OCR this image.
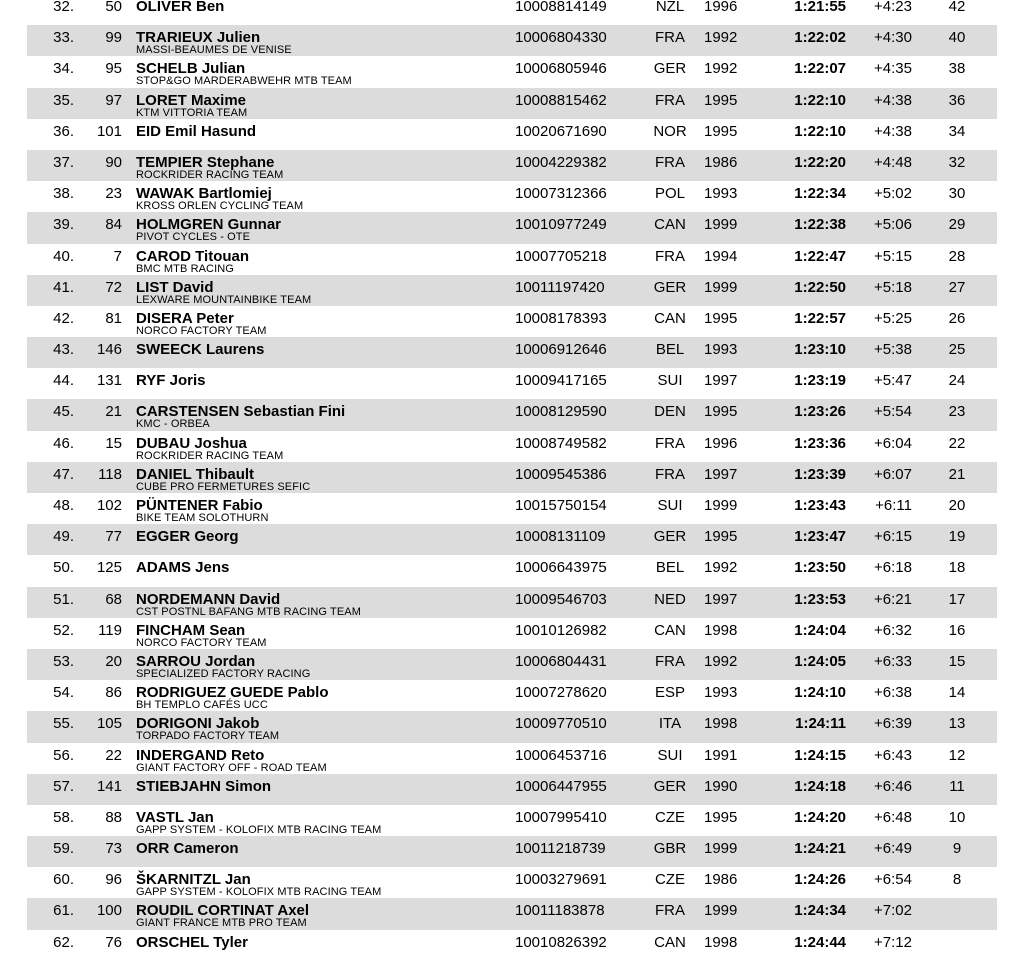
32.	50 OLIVER Ben	10008814149	NZL	1996	1:21:55	+4:23	42
33.	99 TRARIEUX Julien	10006804330	FRA	1992	1:22:02	+4:30	40
MASSI-BEAUMES DE VENISE
34.	95 SCHELB Julian	10006805946	GER	1992	1:22:07	+4:35	38
STOP&GO MARDERABWEHR MTB TEAM
35.	97 LORET Maxime	10008815462	FRA	1995	1:22:10	+4:38	36
KTM VITTORIA TEAM
36.	101 EID Emil Hasund	10020671690	NOR	1995	1:22:10	+4:38	34
37.	90 TEMPIER Stephane	10004229382	FRA	1986	1:22:20	+4:48	32
ROCKRIDER RACING TEAM
38.	23 WAWAK Bartlomiej	10007312366	POL	1993	1:22:34	+5:02	30
KROSS ORLEN CYCLING TEAM
39.	84 HOLMGREN Gunnar	10010977249	CAN	1999	1:22:38	+5:06	29
PIVOT CYCLES - OTE
40.	7 CAROD Titouan	10007705218	FRA	1994	1:22:47	+5:15	28
BMC MTB RACING
41.	72 LIST David	10011197420	GER	1999	1:22:50	+5:18	27
LEXWARE MOUNTAINBIKE TEAM
42.	81 DISERA Peter	10008178393	CAN	1995	1:22:57	+5:25	26
NORCO FACTORY TEAM
43.	146 SWEECK Laurens	10006912646	BEL	1993	1:23:10	+5:38	25
44.	131 RYF Joris	10009417165	SUI	1997	1:23:19	+5:47	24
45.	21 CARSTENSEN Sebastian Fini	10008129590	DEN	1995	1:23:26	+5:54	23
KMC - ORBEA
46.	15 DUBAU Joshua	10008749582	FRA	1996	1:23:36	+6:04	22
ROCKRIDER RACING TEAM
47.	118 DANIEL Thibault	10009545386	FRA	1997	1:23:39	+6:07	21
CUBE PRO FERMETURES SEFIC
48.	102 PÜNTENER Fabio	10015750154	SUI	1999	1:23:43	+6:11	20
BIKE TEAM SOLOTHURN
49.	77 EGGER Georg	10008131109	GER	1995	1:23:47	+6:15	19
50.	125 ADAMS Jens	10006643975	BEL	1992	1:23:50	+6:18	18
51.	68 NORDEMANN David	10009546703	NED	1997	1:23:53	+6:21	17
CST POSTNL BAFANG MTB RACING TEAM
52.	119 FINCHAM Sean	10010126982	CAN	1998	1:24:04	+6:32	16
NORCO FACTORY TEAM
53.	20 SARROU Jordan	10006804431	FRA	1992	1:24:05	+6:33	15
SPECIALIZED FACTORY RACING
54.	86 RODRIGUEZ GUEDE Pablo	10007278620	ESP	1993	1:24:10	+6:38	14
BH TEMPLO CAFÉS UCC
55.	105 DORIGONI Jakob	10009770510	ITA	1998	1:24:11	+6:39	13
TORPADO FACTORY TEAM
56.	22 INDERGAND Reto	10006453716	SUI	1991	1:24:15	+6:43	12
GIANT FACTORY OFF - ROAD TEAM
57.	141 STIEBJAHN Simon	10006447955	GER	1990	1:24:18	+6:46	11
58.	88 VASTL Jan	10007995410	CZE	1995	1:24:20	+6:48	10
GAPP SYSTEM - KOLOFIX MTB RACING TEAM
59.	73 ORR Cameron	10011218739	GBR	1999	1:24:21	+6:49	9
60.	96 ŠKARNITZL Jan	10003279691	CZE	1986	1:24:26	+6:54	8
GAPP SYSTEM - KOLOFIX MTB RACING TEAM
61.	100 ROUDIL CORTINAT Axel	10011183878	FRA	1999	1:24:34	+7:02
GIANT FRANCE MTB PRO TEAM
62.	76 ORSCHEL Tyler	10010826392	CAN	1998	1:24:44	+7:12
